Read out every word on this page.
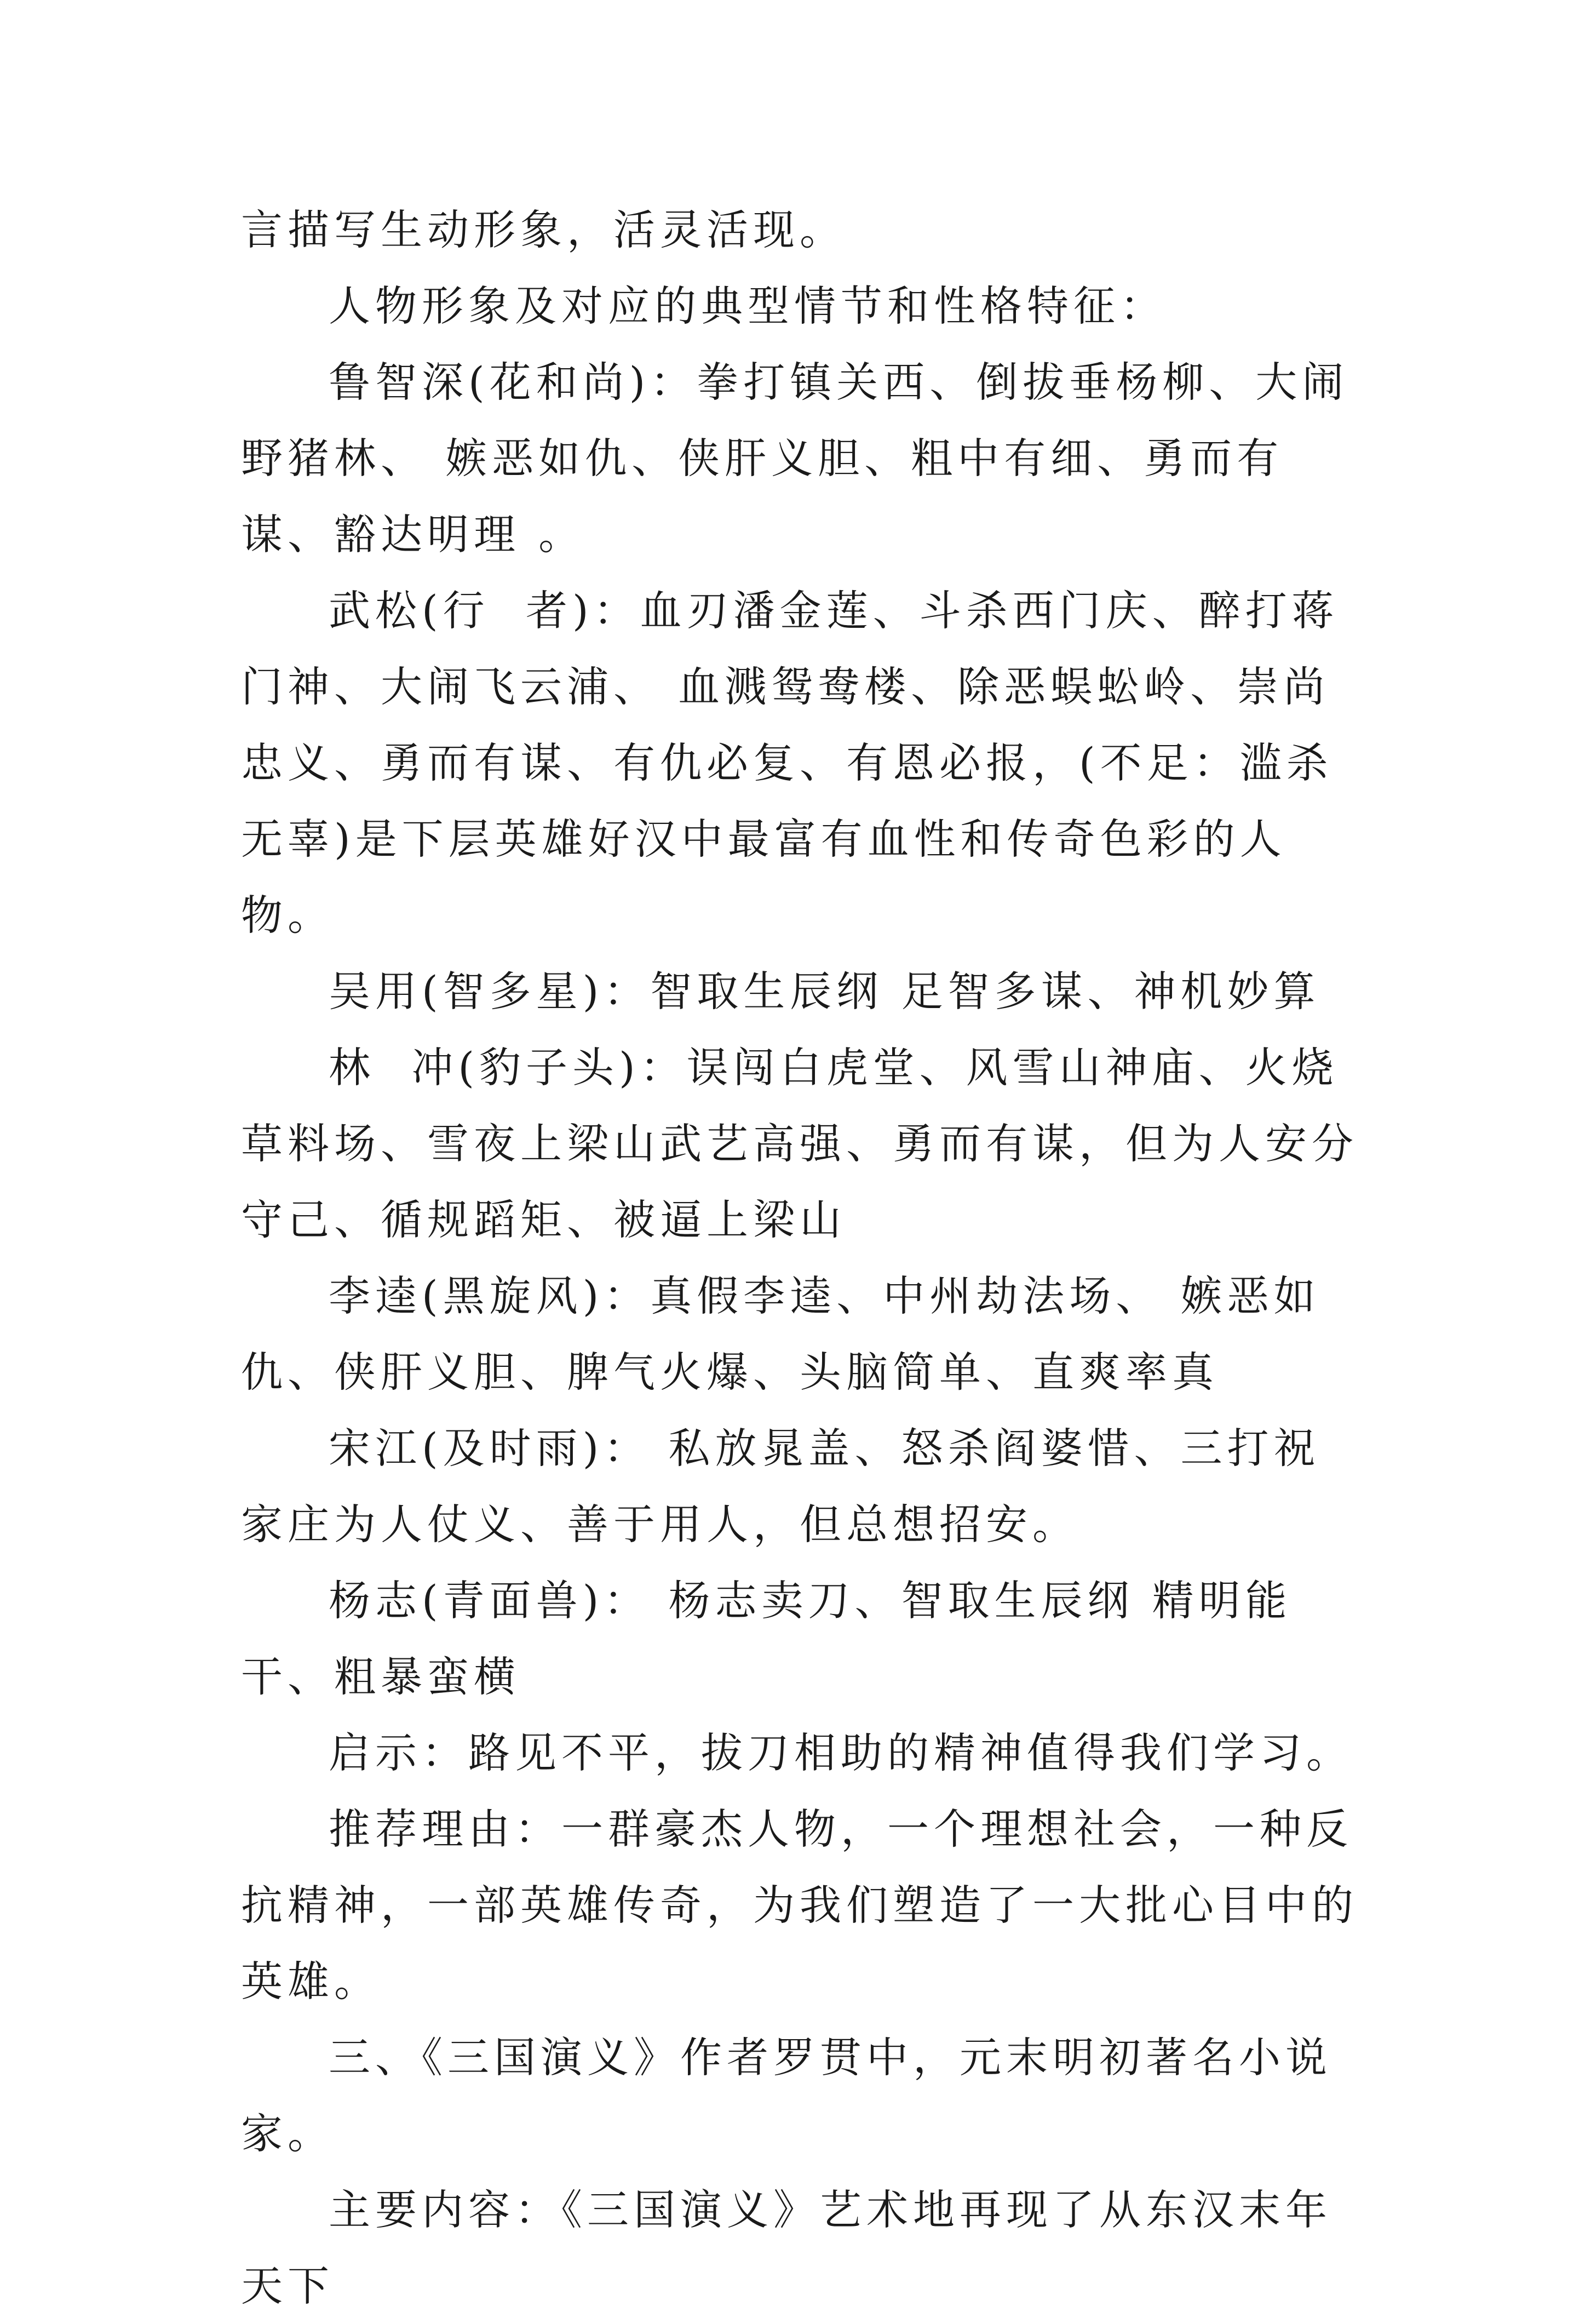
言描写生动形象，活灵活现。

人物形象及对应的典型情节和性格特征：

鲁智深(花和尚)：拳打镇关西、倒拔垂杨柳、大闹野猪林、 嫉恶如仇、侠肝义胆、粗中有细、勇而有谋、豁达明理 。

武松(行  者)：血刃潘金莲、斗杀西门庆、醉打蒋门神、大闹飞云浦、 血溅鸳鸯楼、除恶蜈蚣岭、崇尚忠义、勇而有谋、有仇必复、有恩必报，(不足：滥杀无辜)是下层英雄好汉中最富有血性和传奇色彩的人物。

吴用(智多星)：智取生辰纲 足智多谋、神机妙算

林  冲(豹子头)：误闯白虎堂、风雪山神庙、火烧草料场、雪夜上梁山武艺高强、勇而有谋，但为人安分守己、循规蹈矩、被逼上梁山

李逵(黑旋风)：真假李逵、中州劫法场、 嫉恶如仇、侠肝义胆、脾气火爆、头脑简单、直爽率真

宋江(及时雨)： 私放晁盖、怒杀阎婆惜、三打祝家庄为人仗义、善于用人，但总想招安。

杨志(青面兽)： 杨志卖刀、智取生辰纲 精明能干、粗暴蛮横

启示：路见不平，拔刀相助的精神值得我们学习。

推荐理由：一群豪杰人物，一个理想社会，一种反抗精神，一部英雄传奇，为我们塑造了一大批心目中的英雄。

三、《三国演义》作者罗贯中，元末明初著名小说家。

主要内容：《三国演义》艺术地再现了从东汉末年天下
